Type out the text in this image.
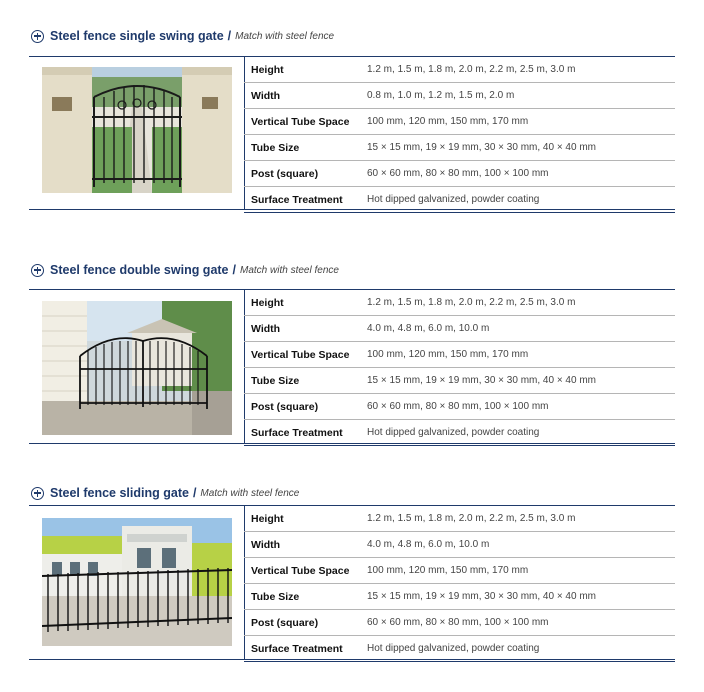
Steel fence single swing gate / Match with steel fence
Height	1.2 m, 1.5 m, 1.8 m, 2.0 m, 2.2 m, 2.5 m, 3.0 m
Width	0.8 m, 1.0 m, 1.2 m, 1.5 m, 2.0 m
Vertical Tube Space	100 mm, 120 mm, 150 mm, 170 mm
Tube Size	15 × 15 mm, 19 × 19 mm, 30 × 30 mm, 40 × 40 mm
Post (square)	60 × 60 mm, 80 × 80 mm, 100 × 100 mm
Surface Treatment	Hot dipped galvanized, powder coating
Steel fence double swing gate / Match with steel fence
Height	1.2 m, 1.5 m, 1.8 m, 2.0 m, 2.2 m, 2.5 m, 3.0 m
Width	4.0 m, 4.8 m, 6.0 m, 10.0 m
Vertical Tube Space	100 mm, 120 mm, 150 mm, 170 mm
Tube Size	15 × 15 mm, 19 × 19 mm, 30 × 30 mm, 40 × 40 mm
Post (square)	60 × 60 mm, 80 × 80 mm, 100 × 100 mm
Surface Treatment	Hot dipped galvanized, powder coating
Steel fence sliding gate / Match with steel fence
Height	1.2 m, 1.5 m, 1.8 m, 2.0 m, 2.2 m, 2.5 m, 3.0 m
Width	4.0 m, 4.8 m, 6.0 m, 10.0 m
Vertical Tube Space	100 mm, 120 mm, 150 mm, 170 mm
Tube Size	15 × 15 mm, 19 × 19 mm, 30 × 30 mm, 40 × 40 mm
Post (square)	60 × 60 mm, 80 × 80 mm, 100 × 100 mm
Surface Treatment	Hot dipped galvanized, powder coating
